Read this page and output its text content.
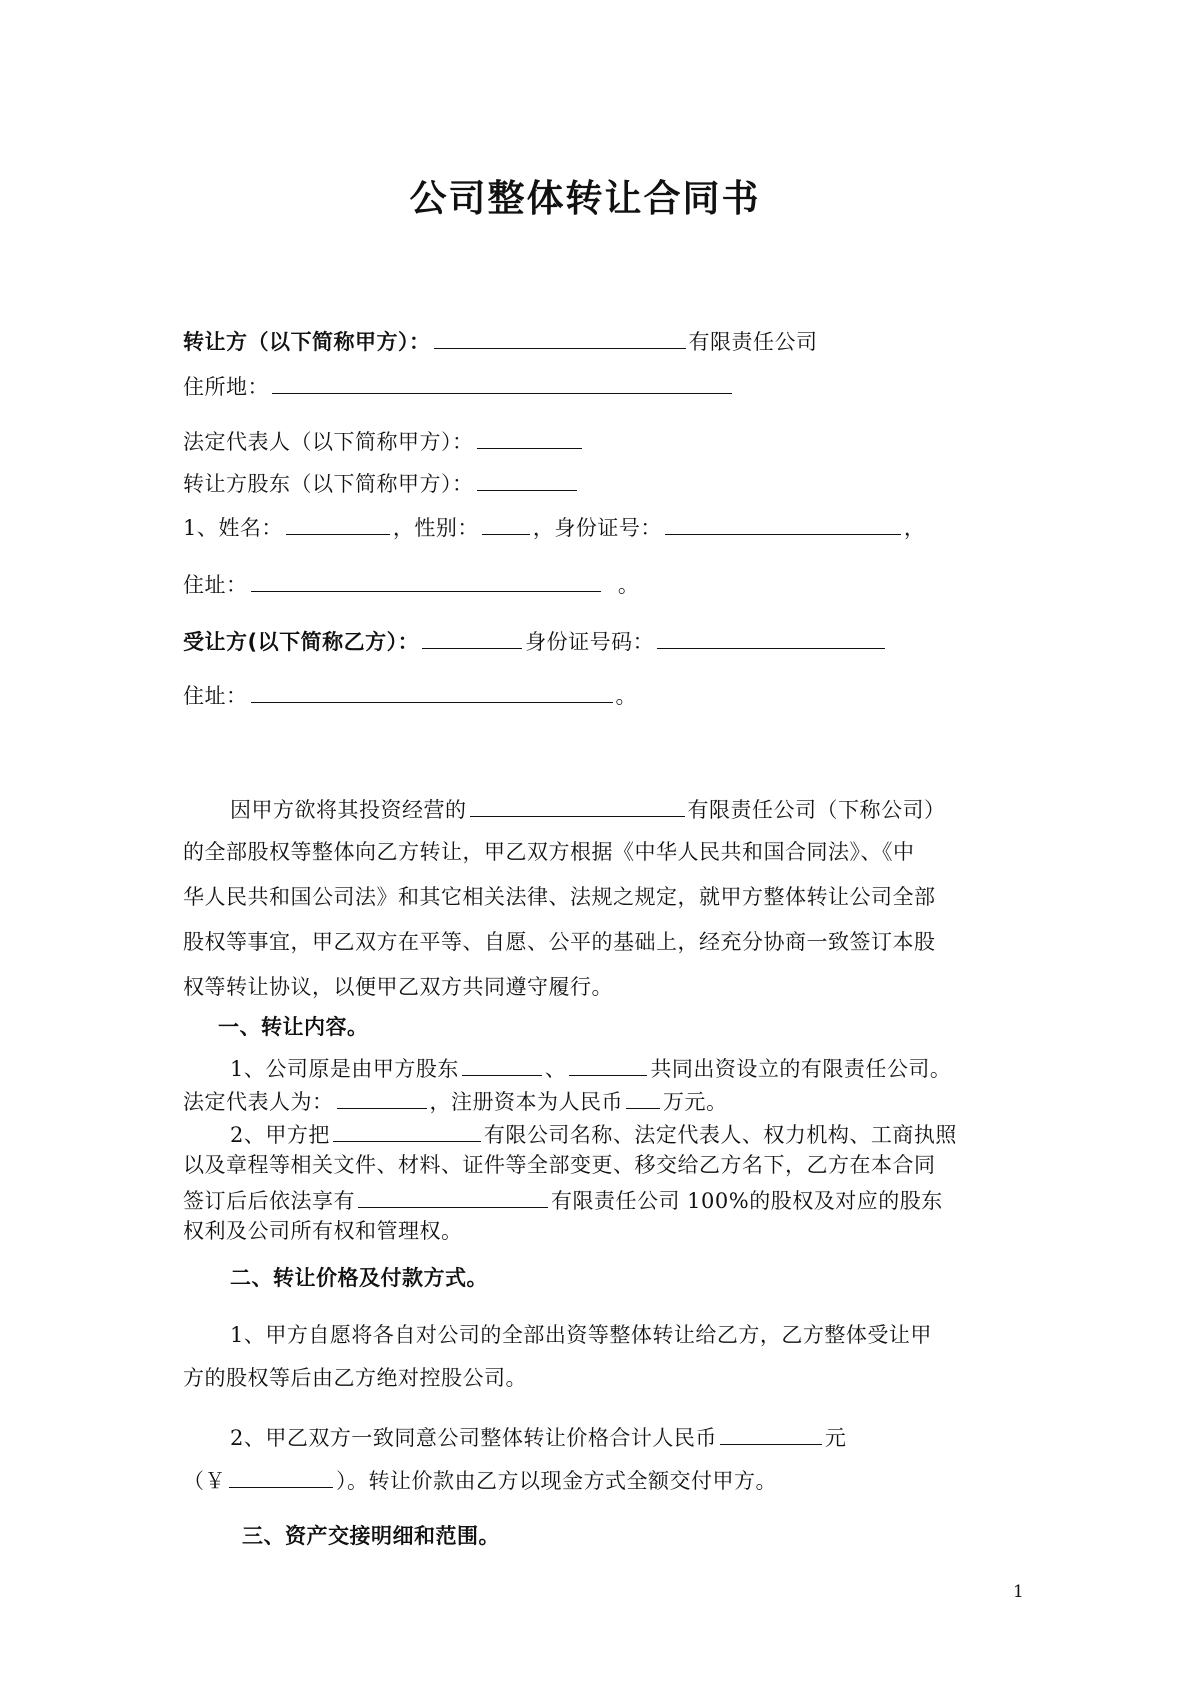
公司整体转让合同书
转让方（以下简称甲方）：	有限责任公司
住所地：
法定代表人（以下简称甲方）：
转让方股东（以下简称甲方）：
1、姓名：	，性别：	，身份证号：	，
住址：	。
受让方(以下简称乙方）：	身份证号码：
住址：	。
因甲方欲将其投资经营的	有限责任公司（下称公司）
的全部股权等整体向乙方转让，甲乙双方根据《中华人民共和国合同法》、《中
华人民共和国公司法》和其它相关法律、法规之规定，就甲方整体转让公司全部
股权等事宜，甲乙双方在平等、自愿、公平的基础上，经充分协商一致签订本股
权等转让协议，以便甲乙双方共同遵守履行。
一、转让内容。
1、公司原是由甲方股东	、	共同出资设立的有限责任公司。
法定代表人为：	，注册资本为人民币 万元。
2、甲方把	有限公司名称、法定代表人、权力机构、工商执照
以及章程等相关文件、材料、证件等全部变更、移交给乙方名下，乙方在本合同
签订后后依法享有	有限责任公司 100%的股权及对应的股东
权利及公司所有权和管理权。
二、转让价格及付款方式。
1、甲方自愿将各自对公司的全部出资等整体转让给乙方，乙方整体受让甲
方的股权等后由乙方绝对控股公司。
2、甲乙双方一致同意公司整体转让价格合计人民币	元
（￥	）。转让价款由乙方以现金方式全额交付甲方。
三、资产交接明细和范围。
1
